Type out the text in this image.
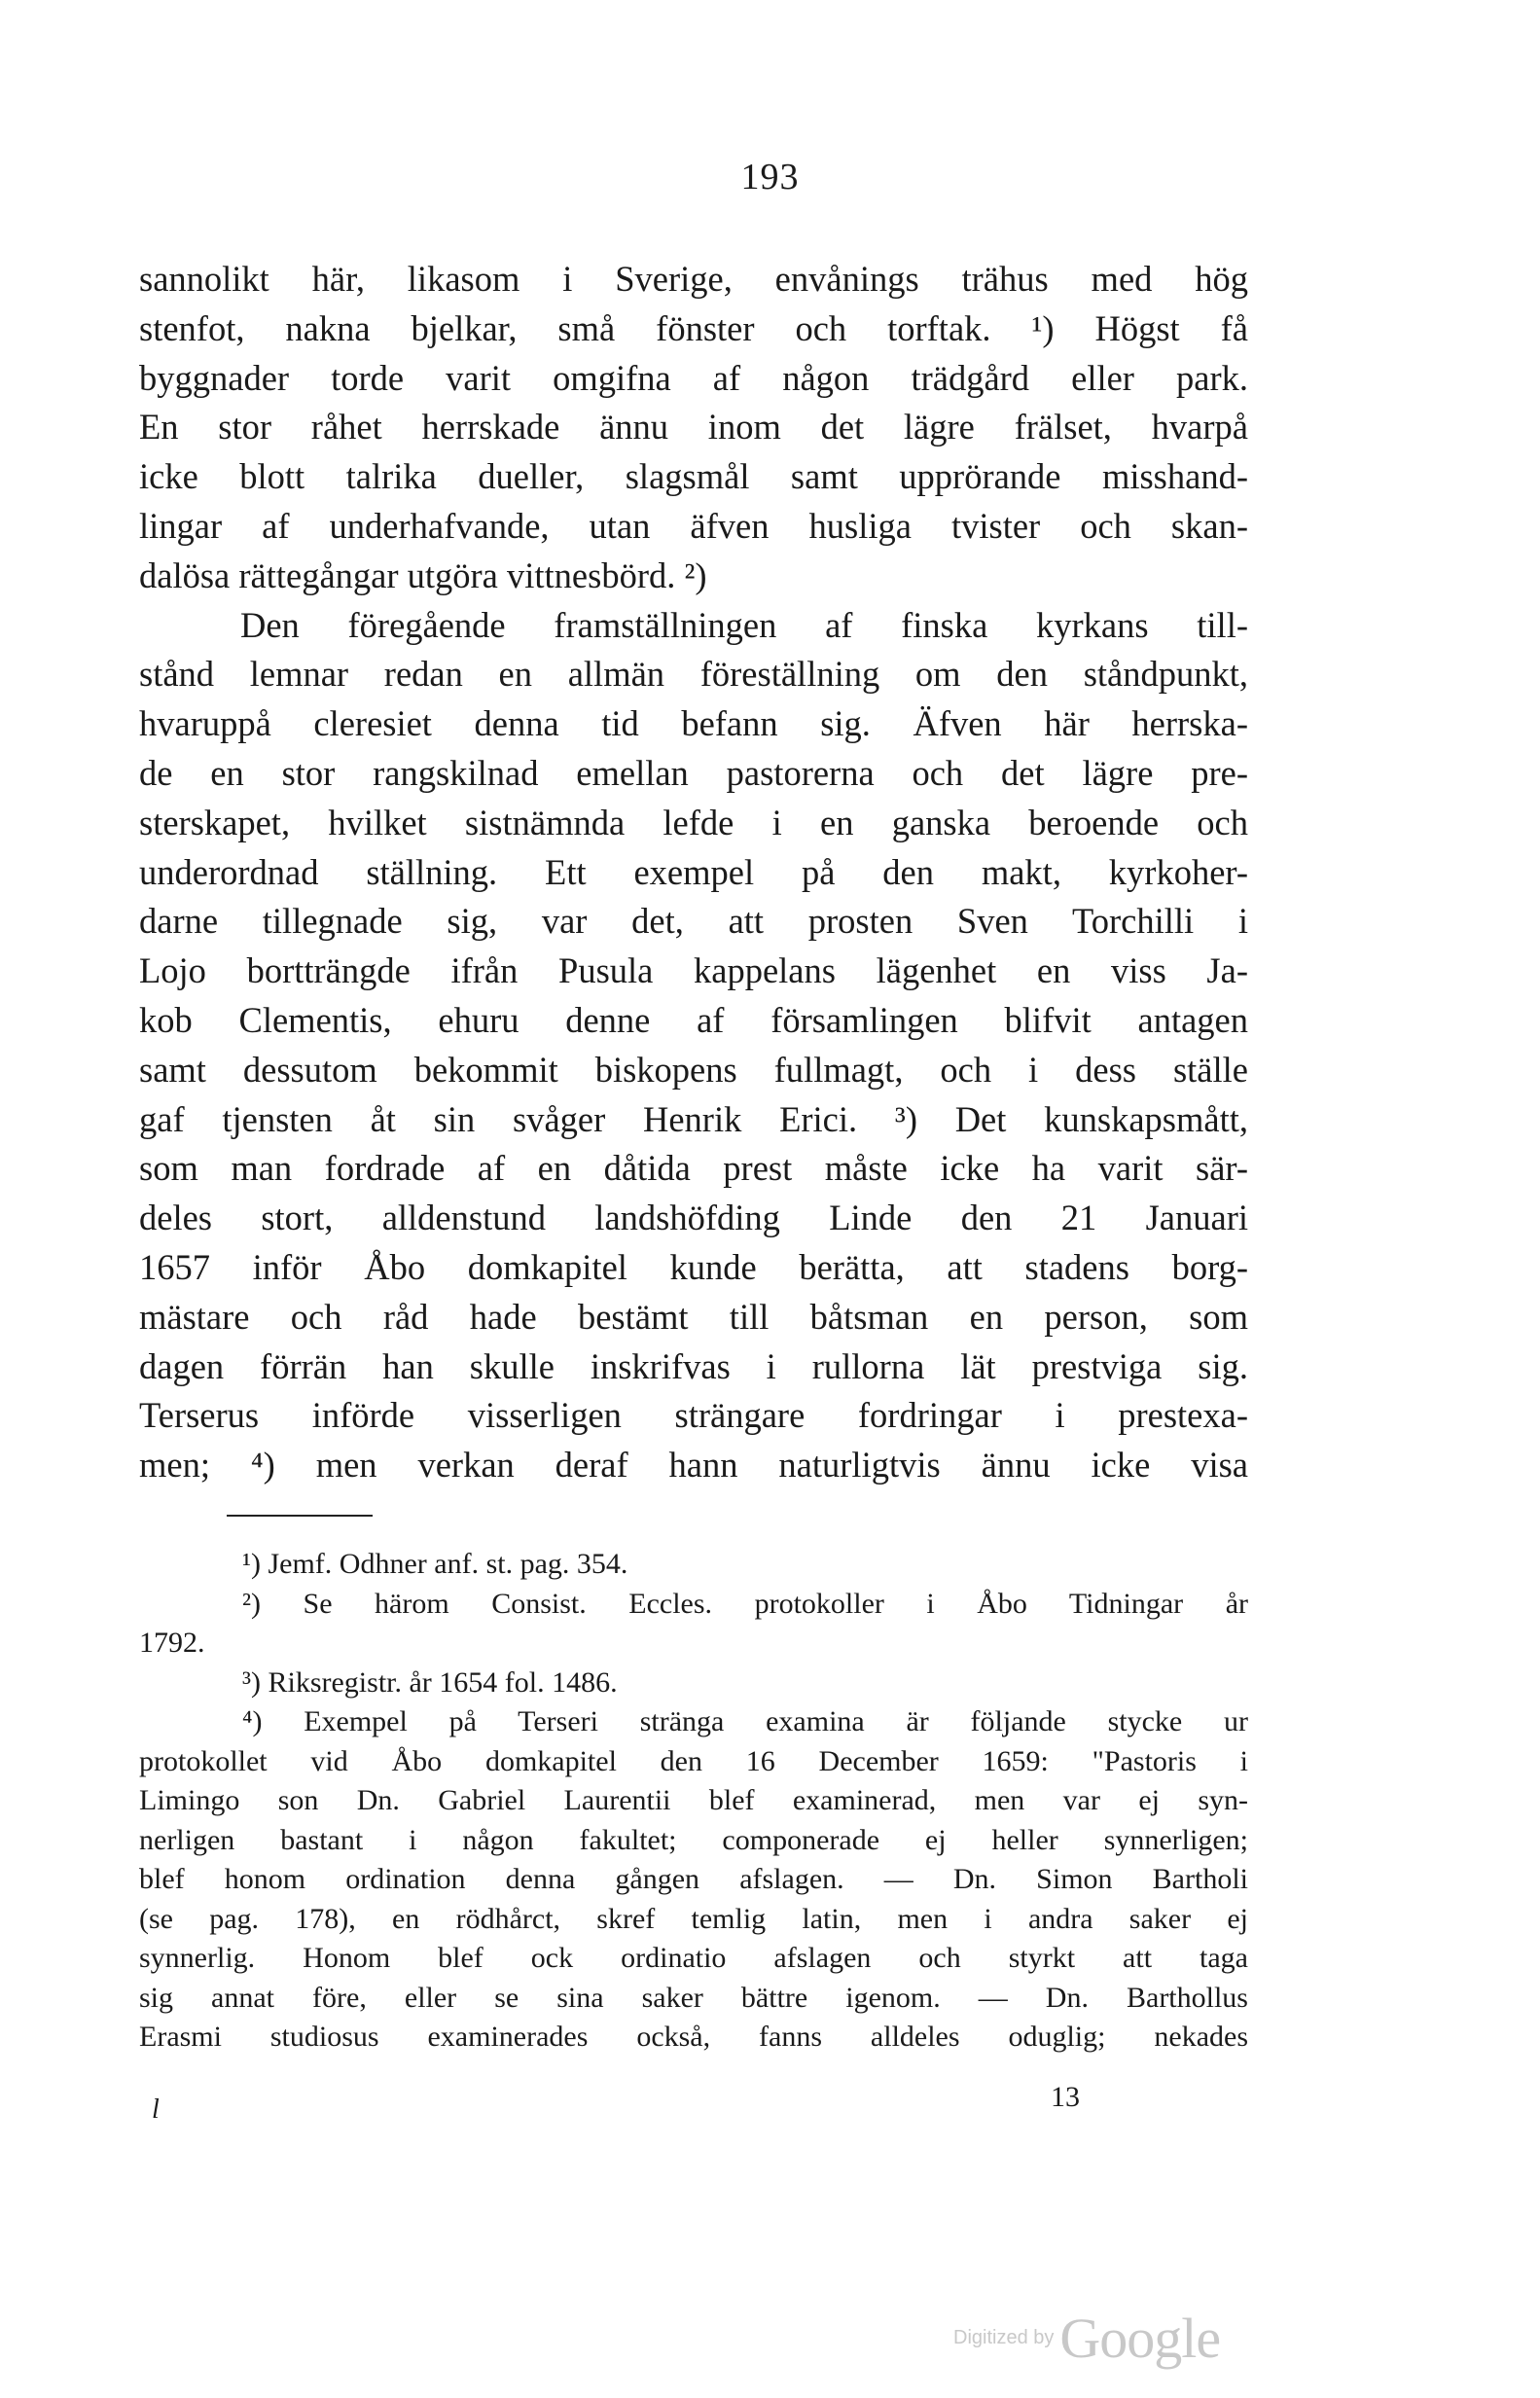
193
sannolikt här, likasom i Sverige, envånings trähus med hög
stenfot, nakna bjelkar, små fönster och torftak. ¹) Högst få
byggnader torde varit omgifna af någon trädgård eller park.
En stor råhet herrskade ännu inom det lägre frälset, hvarpå
icke blott talrika dueller, slagsmål samt upprörande misshand-
lingar af underhafvande, utan äfven husliga tvister och skan-
dalösa rättegångar utgöra vittnesbörd. ²)
Den föregående framställningen af finska kyrkans till-
stånd lemnar redan en allmän föreställning om den ståndpunkt,
hvaruppå cleresiet denna tid befann sig. Äfven här herrska-
de en stor rangskilnad emellan pastorerna och det lägre pre-
sterskapet, hvilket sistnämnda lefde i en ganska beroende och
underordnad ställning. Ett exempel på den makt, kyrkoher-
darne tillegnade sig, var det, att prosten Sven Torchilli i
Lojo bortträngde ifrån Pusula kappelans lägenhet en viss Ja-
kob Clementis, ehuru denne af församlingen blifvit antagen
samt dessutom bekommit biskopens fullmagt, och i dess ställe
gaf tjensten åt sin svåger Henrik Erici. ³) Det kunskapsmått,
som man fordrade af en dåtida prest måste icke ha varit sär-
deles stort, alldenstund landshöfding Linde den 21 Januari
1657 inför Åbo domkapitel kunde berätta, att stadens borg-
mästare och råd hade bestämt till båtsman en person, som
dagen förrän han skulle inskrifvas i rullorna lät prestviga sig.
Terserus införde visserligen strängare fordringar i prestexa-
men; ⁴) men verkan deraf hann naturligtvis ännu icke visa
¹) Jemf. Odhner anf. st. pag. 354.
²) Se härom Consist. Eccles. protokoller i Åbo Tidningar år
1792.
³) Riksregistr. år 1654 fol. 1486.
⁴) Exempel på Terseri stränga examina är följande stycke ur
protokollet vid Åbo domkapitel den 16 December 1659: "Pastoris i
Limingo son Dn. Gabriel Laurentii blef examinerad, men var ej syn-
nerligen bastant i någon fakultet; componerade ej heller synnerligen;
blef honom ordination denna gången afslagen. — Dn. Simon Bartholi
(se pag. 178), en rödhårct, skref temlig latin, men i andra saker ej
synnerlig. Honom blef ock ordinatio afslagen och styrkt att taga
sig annat före, eller se sina saker bättre igenom. — Dn. Barthollus
Erasmi studiosus examinerades också, fanns alldeles oduglig; nekades
l	13
Digitized by Google
